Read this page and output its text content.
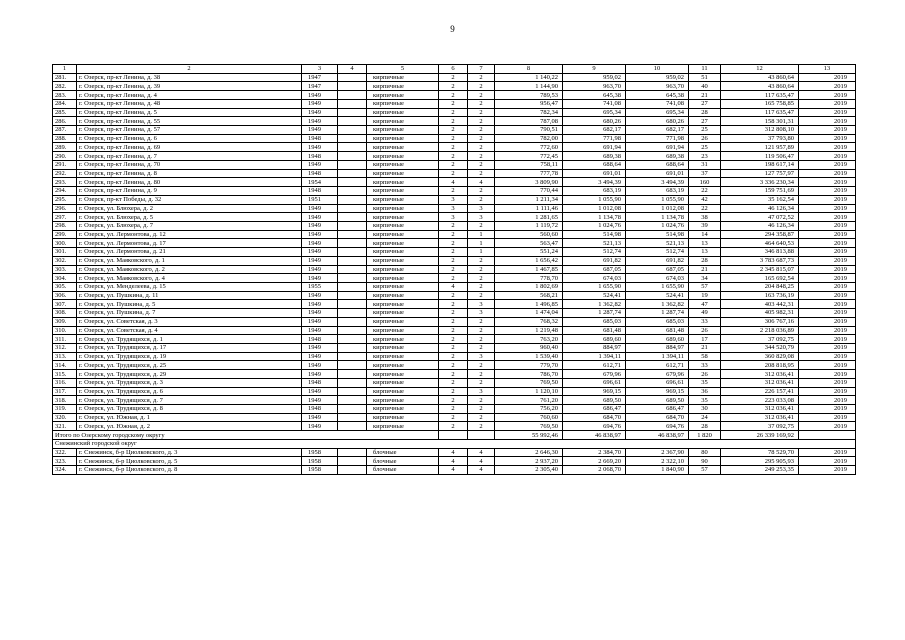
9
1	2	3	4	5	6	7	8	9	10	11	12	13
281.	г. Озерск, пр-кт Ленина, д. 38	1947		кирпичные	2	2	1 140,22	959,02	959,02	51	43 860,64	2019
282.	г. Озерск, пр-кт Ленина, д. 39	1947		кирпичные	2	2	1 144,90	963,70	963,70	40	43 860,64	2019
283.	г. Озерск, пр-кт Ленина, д. 4	1949		кирпичные	2	2	789,53	645,38	645,38	21	117 635,47	2019
284.	г. Озерск, пр-кт Ленина, д. 48	1949		кирпичные	2	2	956,47	741,08	741,08	27	165 758,85	2019
285.	г. Озерск, пр-кт Ленина, д. 5	1949		кирпичные	2	2	782,34	695,34	695,34	28	117 635,47	2019
286.	г. Озерск, пр-кт Ленина, д. 55	1949		кирпичные	2	2	787,08	680,26	680,26	27	158 301,31	2019
287.	г. Озерск, пр-кт Ленина, д. 57	1949		кирпичные	2	2	790,51	682,17	682,17	25	312 808,10	2019
288.	г. Озерск, пр-кт Ленина, д. 6	1948		кирпичные	2	2	782,00	771,98	771,98	26	37 793,80	2019
289.	г. Озерск, пр-кт Ленина, д. 69	1949		кирпичные	2	2	772,60	691,94	691,94	25	121 957,89	2019
290.	г. Озерск, пр-кт Ленина, д. 7	1948		кирпичные	2	2	772,45	689,38	689,38	23	119 506,47	2019
291.	г. Озерск, пр-кт Ленина, д. 70	1949		кирпичные	2	2	758,11	688,64	688,64	31	198 617,14	2019
292.	г. Озерск, пр-кт Ленина, д. 8	1948		кирпичные	2	2	777,78	691,01	691,01	37	127 757,97	2019
293.	г. Озерск, пр-кт Ленина, д. 80	1954		кирпичные	4	4	3 809,90	3 494,39	3 494,39	160	3 336 230,34	2019
294.	г. Озерск, пр-кт Ленина, д. 9	1948		кирпичные	2	2	770,44	683,19	683,19	22	159 751,69	2019
295.	г. Озерск, пр-кт Победы, д. 32	1951		кирпичные	3	2	1 211,34	1 055,90	1 055,90	42	35 162,54	2019
296.	г. Озерск, ул. Блюхера, д. 2	1949		кирпичные	3	3	1 111,46	1 012,08	1 012,08	22	46 126,34	2019
297.	г. Озерск, ул. Блюхера, д. 5	1949		кирпичные	3	3	1 281,65	1 134,78	1 134,78	38	47 072,52	2019
298.	г. Озерск, ул. Блюхера, д. 7	1949		кирпичные	2	2	1 119,72	1 024,76	1 024,76	39	46 126,34	2019
299.	г. Озерск, ул. Лермонтова, д. 12	1949		кирпичные	2	1	560,60	514,98	514,98	14	294 358,87	2019
300.	г. Озерск, ул. Лермонтова, д. 17	1949		кирпичные	2	1	563,47	521,13	521,13	13	464 640,53	2019
301.	г. Озерск, ул. Лермонтова, д. 21	1949		кирпичные	2	1	551,24	512,74	512,74	13	346 813,88	2019
302.	г. Озерск, ул. Маяковского, д. 1	1949		кирпичные	2	2	1 656,42	691,82	691,82	28	3 783 687,73	2019
303.	г. Озерск, ул. Маяковского, д. 2	1949		кирпичные	2	2	1 467,85	687,05	687,05	21	2 345 815,07	2019
304.	г. Озерск, ул. Маяковского, д. 4	1949		кирпичные	2	2	778,70	674,03	674,03	34	165 692,54	2019
305.	г. Озерск, ул. Менделеева, д. 15	1955		кирпичные	4	2	1 802,69	1 655,90	1 655,90	57	204 848,25	2019
306.	г. Озерск, ул. Пушкина, д. 11	1949		кирпичные	2	2	568,21	524,41	524,41	19	163 736,19	2019
307.	г. Озерск, ул. Пушкина, д. 5	1949		кирпичные	2	3	1 496,85	1 362,82	1 362,82	47	403 442,31	2019
308.	г. Озерск, ул. Пушкина, д. 7	1949		кирпичные	2	3	1 474,04	1 287,74	1 287,74	49	405 982,31	2019
309.	г. Озерск, ул. Советская, д. 3	1949		кирпичные	2	2	768,32	685,03	685,03	33	306 767,16	2019
310.	г. Озерск, ул. Советская, д. 4	1949		кирпичные	2	2	1 219,48	681,48	681,48	26	2 218 036,89	2019
311.	г. Озерск, ул. Трудящихся, д. 1	1948		кирпичные	2	2	763,20	689,60	689,60	17	37 092,75	2019
312.	г. Озерск, ул. Трудящихся, д. 17	1949		кирпичные	2	2	960,40	884,97	884,97	21	344 520,79	2019
313.	г. Озерск, ул. Трудящихся, д. 19	1949		кирпичные	2	3	1 539,40	1 394,11	1 394,11	58	360 829,08	2019
314.	г. Озерск, ул. Трудящихся, д. 25	1949		кирпичные	2	2	779,70	612,71	612,71	33	208 818,95	2019
315.	г. Озерск, ул. Трудящихся, д. 29	1949		кирпичные	2	2	786,70	679,96	679,96	26	312 036,41	2019
316.	г. Озерск, ул. Трудящихся, д. 3	1948		кирпичные	2	2	769,50	696,61	696,61	35	312 036,41	2019
317.	г. Озерск, ул. Трудящихся, д. 6	1949		кирпичные	2	3	1 120,10	969,15	969,15	36	226 157,41	2019
318.	г. Озерск, ул. Трудящихся, д. 7	1949		кирпичные	2	2	761,20	689,50	689,50	35	223 033,08	2019
319.	г. Озерск, ул. Трудящихся, д. 8	1948		кирпичные	2	2	756,20	686,47	686,47	30	312 036,41	2019
320.	г. Озерск, ул. Южная, д. 1	1949		кирпичные	2	2	760,60	684,70	684,70	24	312 036,41	2019
321.	г. Озерск, ул. Южная, д. 2	1949		кирпичные	2	2	769,50	694,76	694,76	28	37 092,75	2019
Итого по Озерскому городскому округу							55 992,46	46 838,97	46 838,97	1 820	26 339 169,92	
Снежинский городской округ												
322.	г. Снежинск, б-р Циолковского, д. 3	1958		блочные	4	4	2 646,30	2 384,70	2 367,90	80	78 529,70	2019
323.	г. Снежинск, б-р Циолковского, д. 5	1958		блочные	4	4	2 937,20	2 669,20	2 322,10	90	295 905,93	2019
324.	г. Снежинск, б-р Циолковского, д. 8	1958		блочные	4	4	2 305,40	2 068,70	1 840,90	57	249 253,35	2019
